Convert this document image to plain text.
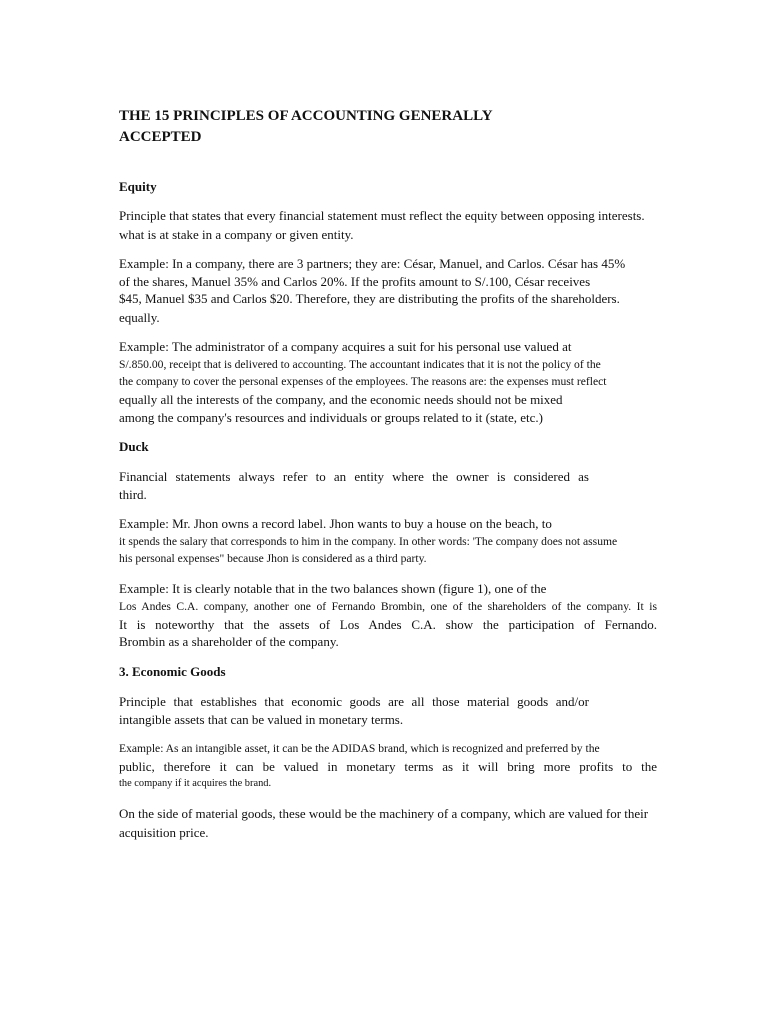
THE 15 PRINCIPLES OF ACCOUNTING GENERALLY
ACCEPTED
Equity
Principle that states that every financial statement must reflect the equity between opposing interests.
what is at stake in a company or given entity.
Example: In a company, there are 3 partners; they are: César, Manuel, and Carlos. César has 45%
of the shares, Manuel 35% and Carlos 20%. If the profits amount to S/.100, César receives
$45, Manuel $35 and Carlos $20. Therefore, they are distributing the profits of the shareholders.
equally.
Example: The administrator of a company acquires a suit for his personal use valued at
S/.850.00, receipt that is delivered to accounting. The accountant indicates that it is not the policy of the
the company to cover the personal expenses of the employees. The reasons are: the expenses must reflect
equally all the interests of the company, and the economic needs should not be mixed
among the company's resources and individuals or groups related to it (state, etc.)
Duck
Financial statements always refer to an entity where the owner is considered as
third.
Example: Mr. Jhon owns a record label. Jhon wants to buy a house on the beach, to
it spends the salary that corresponds to him in the company. In other words: 'The company does not assume
his personal expenses" because Jhon is considered as a third party.
Example: It is clearly notable that in the two balances shown (figure 1), one of the
Los Andes C.A. company, another one of Fernando Brombin, one of the shareholders of the company. It is
It is noteworthy that the assets of Los Andes C.A. show the participation of Fernando.
Brombin as a shareholder of the company.
3. Economic Goods
Principle that establishes that economic goods are all those material goods and/or
intangible assets that can be valued in monetary terms.
Example: As an intangible asset, it can be the ADIDAS brand, which is recognized and preferred by the
public, therefore it can be valued in monetary terms as it will bring more profits to the
the company if it acquires the brand.
On the side of material goods, these would be the machinery of a company, which are valued for their
acquisition price.
